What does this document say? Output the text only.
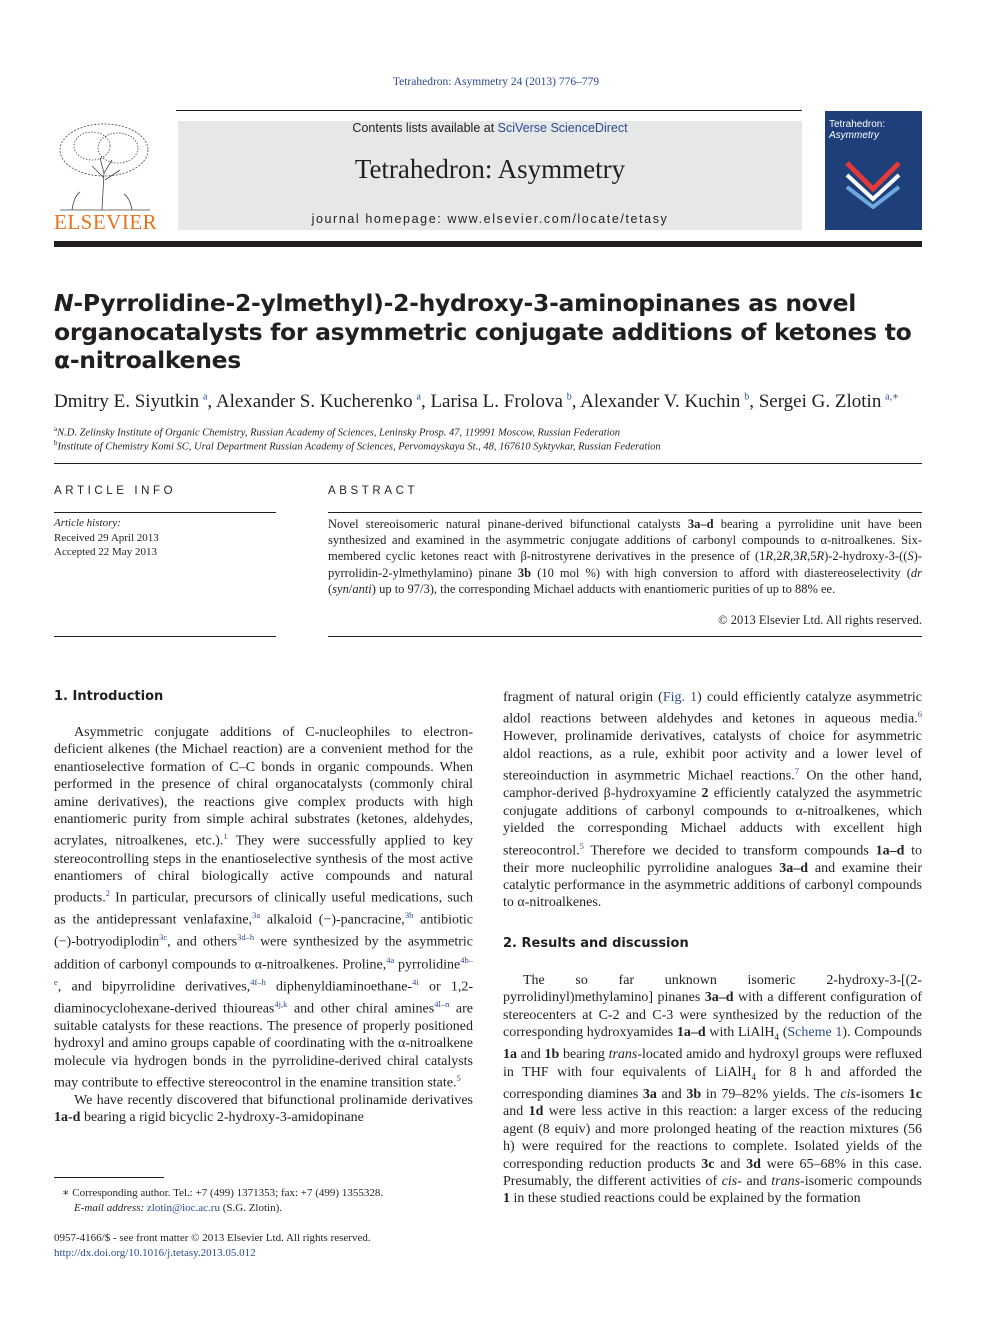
Tetrahedron: Asymmetry 24 (2013) 776–779
ELSEVIER
Contents lists available at SciVerse ScienceDirect
Tetrahedron: Asymmetry
journal homepage: www.elsevier.com/locate/tetasy
Tetrahedron:
Asymmetry
N-Pyrrolidine-2-ylmethyl)-2-hydroxy-3-aminopinanes as novel organocatalysts for asymmetric conjugate additions of ketones to α-nitroalkenes
Dmitry E. Siyutkin  $^a$, Alexander S. Kucherenko  $^a$, Larisa L. Frolova  $^b$, Alexander V. Kuchin  $^b$, Sergei G. Zlotin  $^{a,∗}$
$^a$N.D. Zelinsky Institute of Organic Chemistry, Russian Academy of Sciences, Leninsky Prosp. 47, 119991 Moscow, Russian Federation
$^b$Institute of Chemistry Komi SC, Ural Department Russian Academy of Sciences, Pervomayskaya St., 48, 167610 Syktyvkar, Russian Federation
ARTICLE INFO
Article history:
Received 29 April 2013
Accepted 22 May 2013
ABSTRACT
Novel stereoisomeric natural pinane-derived bifunctional catalysts 3a–d bearing a pyrrolidine unit have been synthesized and examined in the asymmetric conjugate additions of carbonyl compounds to α-nitroalkenes. Six-membered cyclic ketones react with β-nitrostyrene derivatives in the presence of (1R,2R,3R,5R)-2-hydroxy-3-((S)-pyrrolidin-2-ylmethylamino) pinane 3b (10 mol %) with high conversion to afford with diastereoselectivity (dr (syn/anti) up to 97/3), the corresponding Michael adducts with enantiomeric purities of up to 88% ee.
© 2013 Elsevier Ltd. All rights reserved.
1. Introduction

Asymmetric conjugate additions of C-nucleophiles to electron-deficient alkenes (the Michael reaction) are a convenient method for the enantioselective formation of C–C bonds in organic compounds. When performed in the presence of chiral organocatalysts (commonly chiral amine derivatives), the reactions give complex products with high enantiomeric purity from simple achiral substrates (ketones, aldehydes, acrylates, nitroalkenes, etc.).$^1$ They were successfully applied to key stereocontrolling steps in the enantioselective synthesis of the most active enantiomers of chiral biologically active compounds and natural products.$^2$ In particular, precursors of clinically useful medications, such as the antidepressant venlafaxine,$^{3a}$ alkaloid (−)-pancracine,$^{3b}$ antibiotic (−)-botryodiplodin$^{3c}$, and others$^{3d-h}$ were synthesized by the asymmetric addition of carbonyl compounds to α-nitroalkenes. Proline,$^{4a}$ pyrrolidine$^{4b-e}$, and bipyrrolidine derivatives,$^{4f-h}$ diphenyldiaminoethane-$^{4i}$ or 1,2-diaminocyclohexane-derived thioureas$^{4j,k}$ and other chiral amines$^{4l-n}$ are suitable catalysts for these reactions. The presence of properly positioned hydroxyl and amino groups capable of coordinating with the α-nitroalkene molecule via hydrogen bonds in the pyrrolidine-derived chiral catalysts may contribute to effective stereocontrol in the enamine transition state.$^5$

We have recently discovered that bifunctional prolinamide derivatives 1a-d bearing a rigid bicyclic 2-hydroxy-3-amidopinane

∗ Corresponding author. Tel.: +7 (499) 1371353; fax: +7 (499) 1355328.
E-mail address: zlotin@ioc.ac.ru (S.G. Zlotin).
0957-4166/$ - see front matter © 2013 Elsevier Ltd. All rights reserved.
http://dx.doi.org/10.1016/j.tetasy.2013.05.012

fragment of natural origin (Fig. 1) could efficiently catalyze asymmetric aldol reactions between aldehydes and ketones in aqueous media.$^6$ However, prolinamide derivatives, catalysts of choice for asymmetric aldol reactions, as a rule, exhibit poor activity and a lower level of stereoinduction in asymmetric Michael reactions.$^7$ On the other hand, camphor-derived β-hydroxyamine 2 efficiently catalyzed the asymmetric conjugate additions of carbonyl compounds to α-nitroalkenes, which yielded the corresponding Michael adducts with excellent high stereocontrol.$^5$ Therefore we decided to transform compounds 1a–d to their more nucleophilic pyrrolidine analogues 3a–d and examine their catalytic performance in the asymmetric additions of carbonyl compounds to α-nitroalkenes.

2. Results and discussion

The so far unknown isomeric 2-hydroxy-3-[(2-pyrrolidinyl)methylamino] pinanes 3a–d with a different configuration of stereocenters at C-2 and C-3 were synthesized by the reduction of the corresponding hydroxyamides 1a–d with LiAlH$_4$ (Scheme 1). Compounds 1a and 1b bearing trans-located amido and hydroxyl groups were refluxed in THF with four equivalents of LiAlH$_4$ for 8 h and afforded the corresponding diamines 3a and 3b in 79–82% yields. The cis-isomers 1c and 1d were less active in this reaction: a larger excess of the reducing agent (8 equiv) and more prolonged heating of the reaction mixtures (56 h) were required for the reactions to complete. Isolated yields of the corresponding reduction products 3c and 3d were 65–68% in this case. Presumably, the different activities of cis- and trans-isomeric compounds 1 in these studied reactions could be explained by the formation
